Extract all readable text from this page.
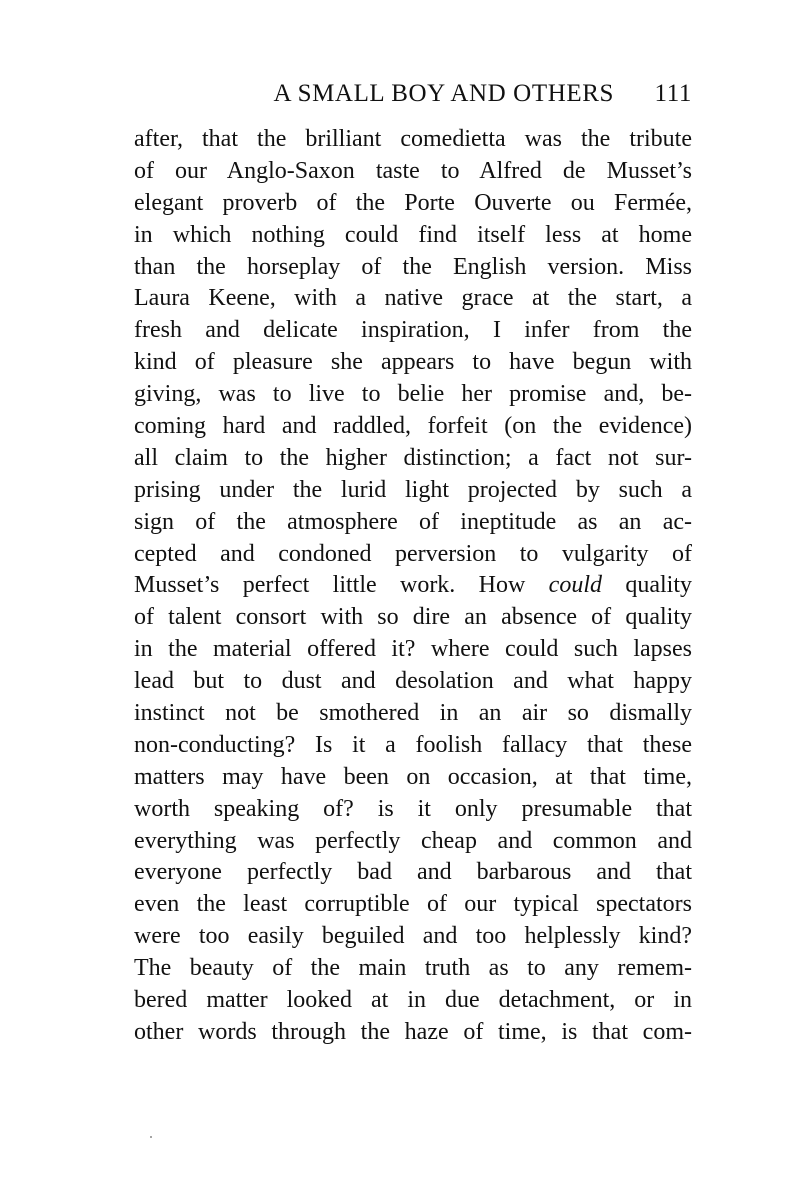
A SMALL BOY AND OTHERS 111
after, that the brilliant comedietta was the tribute
of our Anglo-Saxon taste to Alfred de Musset’s
elegant proverb of the Porte Ouverte ou Fermée,
in which nothing could find itself less at home
than the horseplay of the English version. Miss
Laura Keene, with a native grace at the start, a
fresh and delicate inspiration, I infer from the
kind of pleasure she appears to have begun with
giving, was to live to belie her promise and, be-
coming hard and raddled, forfeit (on the evidence)
all claim to the higher distinction; a fact not sur-
prising under the lurid light projected by such a
sign of the atmosphere of ineptitude as an ac-
cepted and condoned perversion to vulgarity of
Musset’s perfect little work. How could quality
of talent consort with so dire an absence of quality
in the material offered it? where could such lapses
lead but to dust and desolation and what happy
instinct not be smothered in an air so dismally
non-conducting? Is it a foolish fallacy that these
matters may have been on occasion, at that time,
worth speaking of? is it only presumable that
everything was perfectly cheap and common and
everyone perfectly bad and barbarous and that
even the least corruptible of our typical spectators
were too easily beguiled and too helplessly kind?
The beauty of the main truth as to any remem-
bered matter looked at in due detachment, or in
other words through the haze of time, is that com-
